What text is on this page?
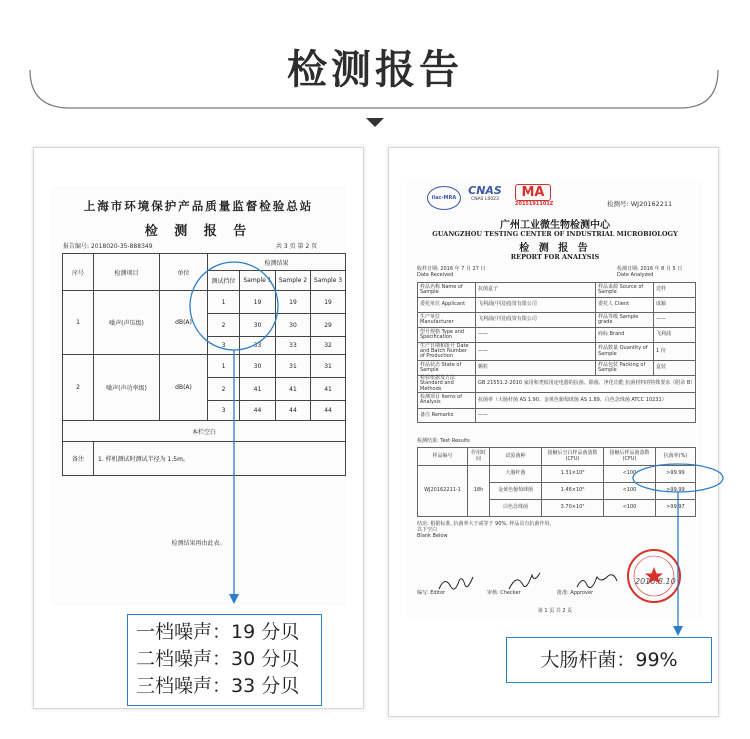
检测报告
上海市环境保护产品质量监督检验总站
检 测 报 告
报告编号: 2018020-35-888349	共 3 页 第 2 页
序号	检测项目	单位	检测结果			
			测试挡位	Sample 1	Sample 2	Sample 3
1	噪声(声压级)	dB(A)	1	19	19	19
			2	30	30	29
			3	33	33	32
2	噪声(声功率级)	dB(A)	1	30	31	31
			2	41	41	41
			3	44	44	44
本栏空白						
备注	1. 样机测试时测试半径为 1.5m。					
检测结果再由此表。
一档噪声：19 分贝
二档噪声：30 分贝
三档噪声：33 分贝
ilac-MRA
CNAS
CNAS L0023	MA
2015191101Z	检测号: WJ20162211
广州工业微生物检测中心
GUANGZHOU TESTING CENTER OF INDUSTRIAL MICROBIOLOGY
检 测 报 告
REPORT FOR ANALYSIS
收样日期: 2016 年 7 月 27 日
Date Received
检测日期: 2016 年 8 月 5 日
Date Analyzed
样品名称 Name of Sample	抗菌盒子	样品来源 Source of Sample	送样
委托单位 Applicant	飞利浦(中国)投资有限公司	委托人 Client	成颖
生产单位 Manufacturer	飞利浦(中国)投资有限公司	样品等级 Sample grade	——
型号规格 Type and Specification	——	商标 Brand	飞利浦
生产日期和批号 Date and Batch Number of Production	——	样品数量 Quantity of Sample	1 份
样品状态 State of Sample	颗粒	样品包装 Packing of Sample	盒装
检验依据及方法 Standard and Methods	GB 21551.2-2010 家用和类似用途电器的抗菌、除菌、净化功能 抗菌材料的特殊要求（附录 B）		
检测项目 Items of Analysis	抗菌率（大肠杆菌 AS 1.90、金黄色葡萄球菌 AS 1.89、白色念珠菌 ATCC 10231）		
备注 Remarks	——		
检测结果: Test Results
样品编号	作用时间	试验菌种	接触后空白样品菌落数(CFU)	接触后样品菌落数(CFU)	抗菌率(%)
WJ20162211-1	18h	大肠杆菌	1.31×10⁶	<100	>99.99
		金黄色葡萄球菌	1.46×10⁶	<100	>99.99
		白色念珠菌	3.70×10⁵	<100	>99.97
结论: 根据标准, 抗菌率大于或等于 90%, 样品具有抗菌作用。
以下空白
Blank Below
编写: Editor	审核: Checker	批准: Approver
2016.8.10
第 1 页 共 2 页
大肠杆菌：99%
